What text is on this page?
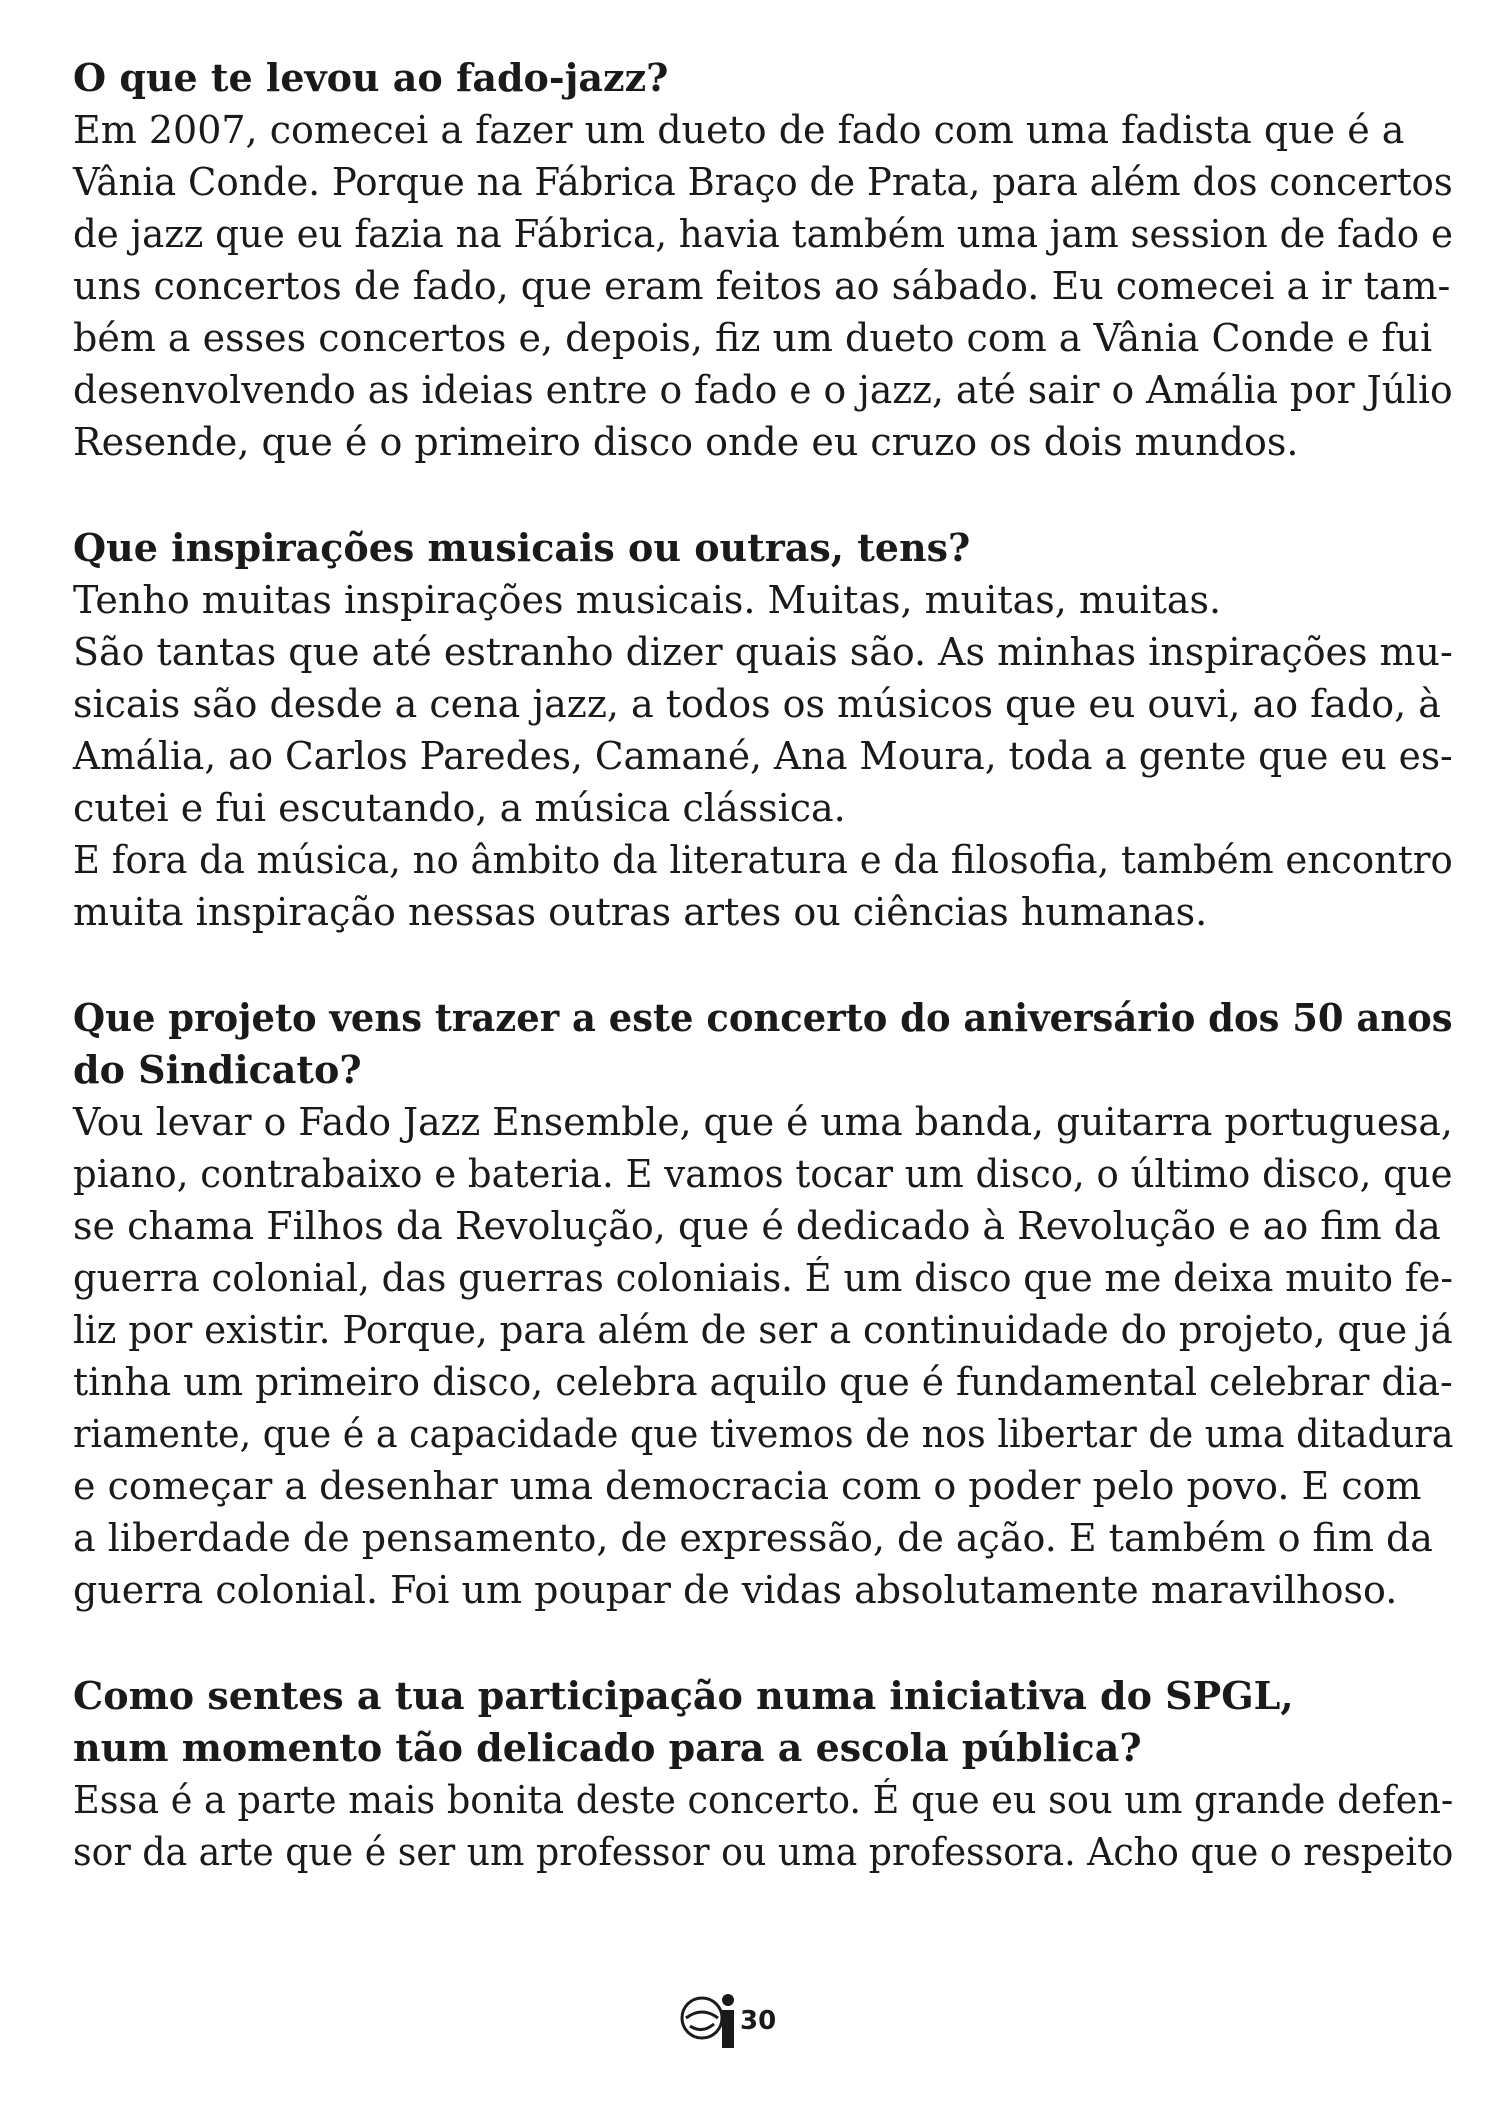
O que te levou ao fado-jazz?
Em 2007, comecei a fazer um dueto de fado com uma fadista que é a
Vânia Conde. Porque na Fábrica Braço de Prata, para além dos concertos
de jazz que eu fazia na Fábrica, havia também uma jam session de fado e
uns concertos de fado, que eram feitos ao sábado. Eu comecei a ir tam-
bém a esses concertos e, depois, fiz um dueto com a Vânia Conde e fui
desenvolvendo as ideias entre o fado e o jazz, até sair o Amália por Júlio
Resende, que é o primeiro disco onde eu cruzo os dois mundos.
Que inspirações musicais ou outras, tens?
Tenho muitas inspirações musicais. Muitas, muitas, muitas.
São tantas que até estranho dizer quais são. As minhas inspirações mu-
sicais são desde a cena jazz, a todos os músicos que eu ouvi, ao fado, à
Amália, ao Carlos Paredes, Camané, Ana Moura, toda a gente que eu es-
cutei e fui escutando, a música clássica.
E fora da música, no âmbito da literatura e da filosofia, também encontro
muita inspiração nessas outras artes ou ciências humanas.
Que projeto vens trazer a este concerto do aniversário dos 50 anos
do Sindicato?
Vou levar o Fado Jazz Ensemble, que é uma banda, guitarra portuguesa,
piano, contrabaixo e bateria. E vamos tocar um disco, o último disco, que
se chama Filhos da Revolução, que é dedicado à Revolução e ao fim da
guerra colonial, das guerras coloniais. É um disco que me deixa muito fe-
liz por existir. Porque, para além de ser a continuidade do projeto, que já
tinha um primeiro disco, celebra aquilo que é fundamental celebrar dia-
riamente, que é a capacidade que tivemos de nos libertar de uma ditadura
e começar a desenhar uma democracia com o poder pelo povo. E com
a liberdade de pensamento, de expressão, de ação. E também o fim da
guerra colonial. Foi um poupar de vidas absolutamente maravilhoso.
Como sentes a tua participação numa iniciativa do SPGL,
num momento tão delicado para a escola pública?
Essa é a parte mais bonita deste concerto. É que eu sou um grande defen-
sor da arte que é ser um professor ou uma professora. Acho que o respeito
30
